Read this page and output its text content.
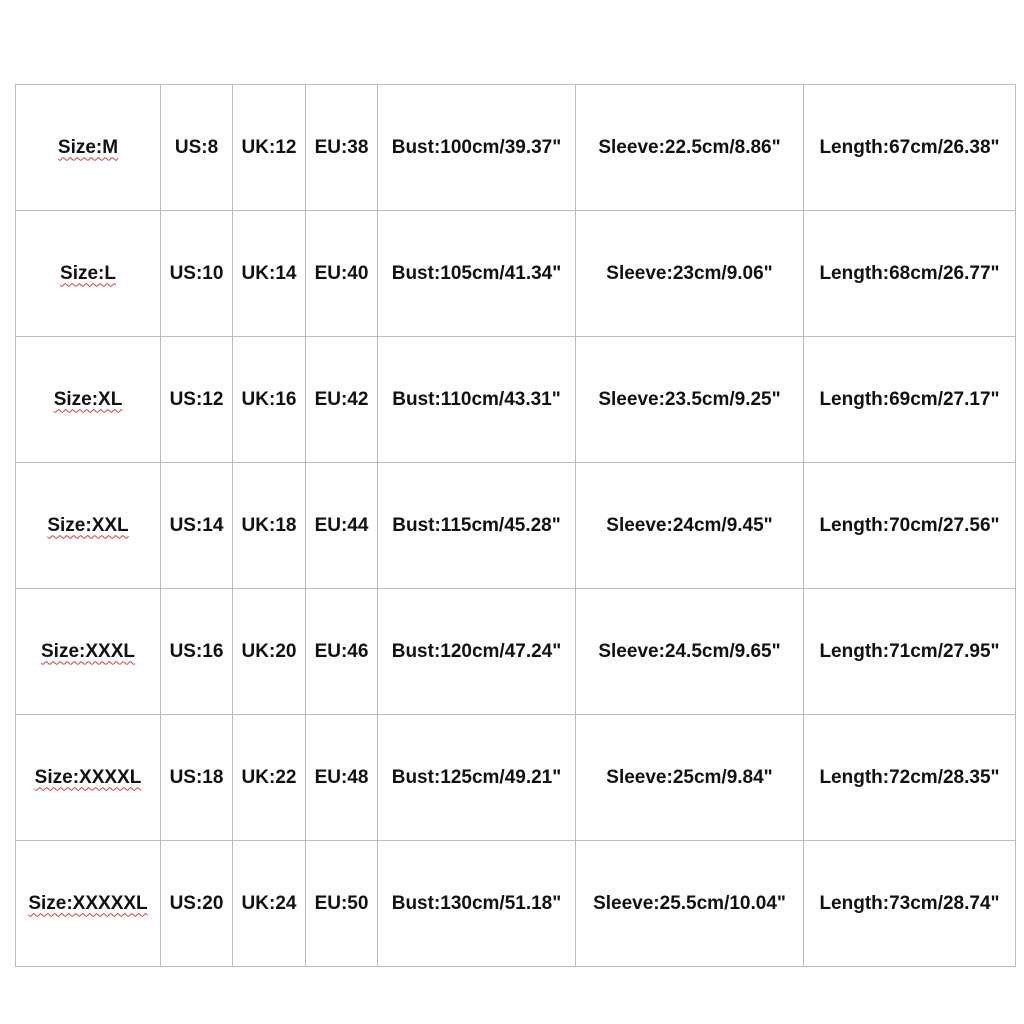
Size:M	US:8	UK:12	EU:38	Bust:100cm/39.37"	Sleeve:22.5cm/8.86"	Length:67cm/26.38"
Size:L	US:10	UK:14	EU:40	Bust:105cm/41.34"	Sleeve:23cm/9.06"	Length:68cm/26.77"
Size:XL	US:12	UK:16	EU:42	Bust:110cm/43.31"	Sleeve:23.5cm/9.25"	Length:69cm/27.17"
Size:XXL	US:14	UK:18	EU:44	Bust:115cm/45.28"	Sleeve:24cm/9.45"	Length:70cm/27.56"
Size:XXXL	US:16	UK:20	EU:46	Bust:120cm/47.24"	Sleeve:24.5cm/9.65"	Length:71cm/27.95"
Size:XXXXL	US:18	UK:22	EU:48	Bust:125cm/49.21"	Sleeve:25cm/9.84"	Length:72cm/28.35"
Size:XXXXXL	US:20	UK:24	EU:50	Bust:130cm/51.18"	Sleeve:25.5cm/10.04"	Length:73cm/28.74"
